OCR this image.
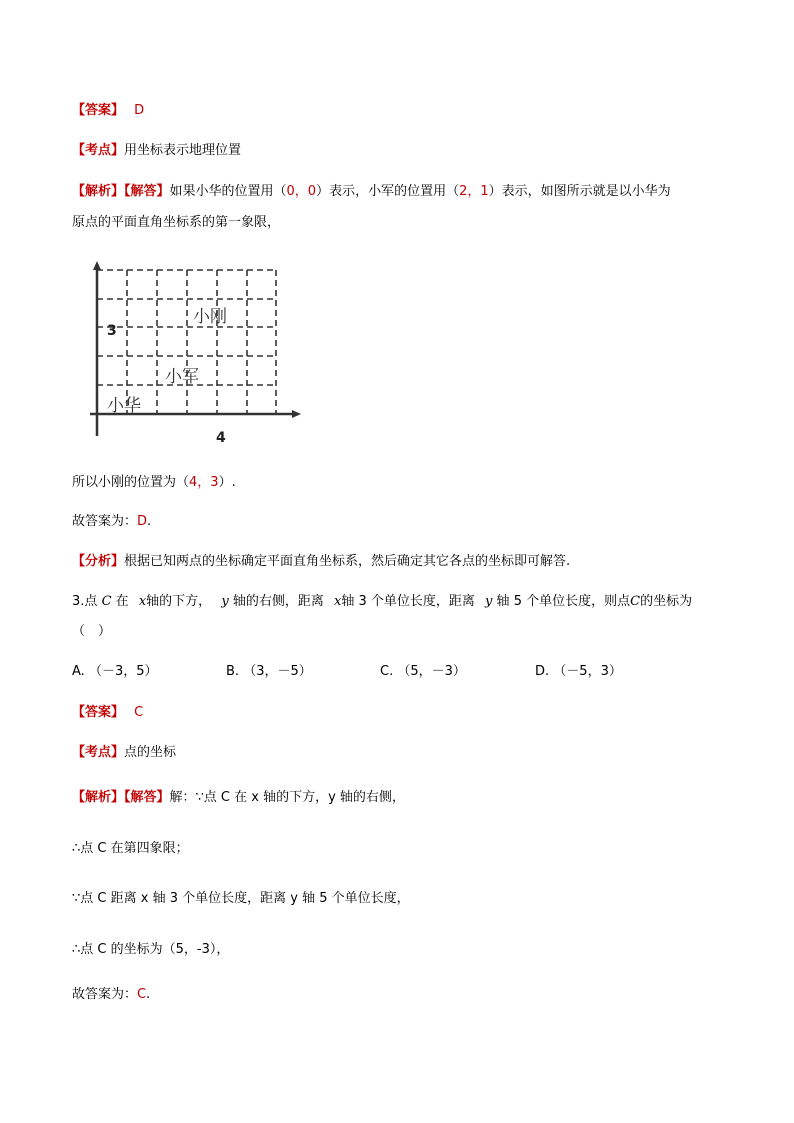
【答案】 D
【考点】用坐标表示地理位置
【解析】【解答】如果小华的位置用（0，0）表示，小军的位置用（2，1）表示，如图所示就是以小华为
原点的平面直角坐标系的第一象限，
3
4
小刚
小军
小华
所以小刚的位置为（4，3）.
故答案为：D.
【分析】根据已知两点的坐标确定平面直角坐标系，然后确定其它各点的坐标即可解答.
3.点 C 在 x轴的下方， y 轴的右侧，距离 x轴 3 个单位长度，距离 y 轴 5 个单位长度，则点C的坐标为
（　）
A. （－3，5）	B. （3，－5）	C. （5，－3）	D. （－5，3）
【答案】 C
【考点】点的坐标
【解析】【解答】解：∵点 C 在 x 轴的下方，y 轴的右侧，
∴点 C 在第四象限；
∵点 C 距离 x 轴 3 个单位长度，距离 y 轴 5 个单位长度，
∴点 C 的坐标为（5，-3），
故答案为：C.
